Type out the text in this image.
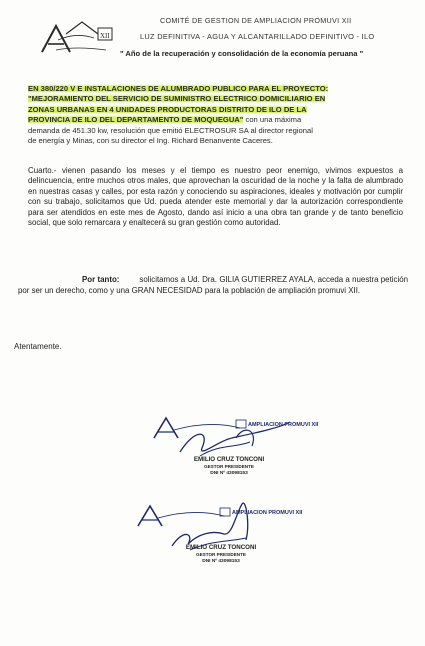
XII
COMITÉ DE GESTION DE AMPLIACION PROMUVI XII
LUZ DEFINITIVA - AGUA Y ALCANTARILLADO DEFINITIVO - ILO
" Año de la recuperación y consolidación de la economía peruana "
EN 380/220 V E INSTALACIONES DE ALUMBRADO PUBLICO PARA EL PROYECTO:
"MEJORAMIENTO DEL SERVICIO DE SUMINISTRO ELECTRICO DOMICILIARIO EN
ZONAS URBANAS EN 4 UNIDADES PRODUCTORAS DISTRITO DE ILO DE LA
PROVINCIA DE ILO DEL DEPARTAMENTO DE MOQUEGUA" con una máxima
demanda de 451.30 kw, resolución que emitió ELECTROSUR SA al director regional
de energía y Minas, con su director el Ing. Richard Benanvente Caceres.
Cuarto.- vienen pasando los meses y el tiempo es nuestro peor enemigo, vivimos expuestos a delincuencia, entre muchos otros males, que aprovechan la oscuridad de la noche y la falta de alumbrado en nuestras casas y calles, por esta razón y conociendo su aspiraciones, ideales y motivación por cumplir con su trabajo, solicitamos que Ud. pueda atender este memorial y dar la autorización correspondiente para ser atendidos en este mes de Agosto, dando así inicio a una obra tan grande y de tanto beneficio social, que solo remarcara y enaltecerá su gran gestión como autoridad.
Por tanto:	solicitamos a Ud. Dra. GILIA GUTIERREZ AYALA, acceda a nuestra petición por ser un derecho, como y una GRAN NECESIDAD para la población de ampliación promuvi XII.
Atentamente.
AMPLIACION PROMUVI XII
EMILIO CRUZ TONCONI
GESTOR PRESIDENTE
DNI Nº 43098153
AMPLIACION PROMUVI XII
EMILIO CRUZ TONCONI
GESTOR PRESIDENTE
DNI Nº 43098153
